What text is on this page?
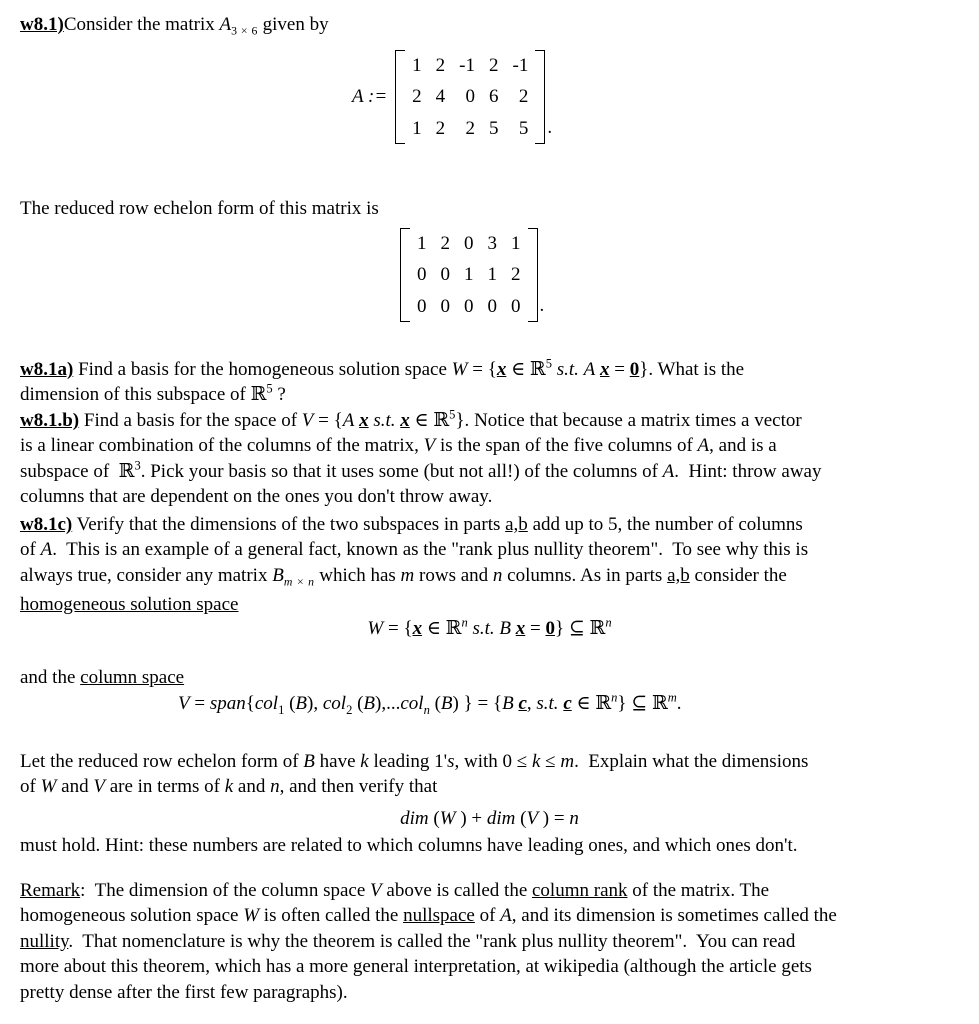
w8.1)Consider the matrix $A_{3 \times 6}$ given by
A :=
1	2	-1	2	-1
2	4	0	6	2
1	2	2	5	5 .
The reduced row echelon form of this matrix is
1	2	0	3	1
0	0	1	1	2
0	0	0	0	0 .
w8.1a) Find a basis for the homogeneous solution space W = {x ∈ ℝ$^5$ s.t. A x = 0}. What is the
dimension of this subspace of ℝ$^5$ ?
w8.1.b) Find a basis for the space of V = {A x s.t. x ∈ ℝ$^5$}. Notice that because a matrix times a vector
is a linear combination of the columns of the matrix, V is the span of the five columns of A, and is a
subspace of  ℝ$^3$. Pick your basis so that it uses some (but not all!) of the columns of A.  Hint: throw away
columns that are dependent on the ones you don't throw away.
w8.1c) Verify that the dimensions of the two subspaces in parts a,b add up to 5, the number of columns
of A.  This is an example of a general fact, known as the "rank plus nullity theorem".  To see why this is
always true, consider any matrix $B_{m \times n}$ which has m rows and n columns. As in parts a,b consider the
homogeneous solution space
W = {x ∈ ℝ$^n$ s.t. B x = 0} ⊆ ℝ$^n$
and the column space
V = span{col$_1$ (B), col$_2$ (B),...col$_n$ (B) } = {B c, s.t. c ∈ ℝ$^n$} ⊆ ℝ$^m$.
Let the reduced row echelon form of B have k leading 1's, with 0 ≤ k ≤ m.  Explain what the dimensions
of W and V are in terms of k and n, and then verify that
dim (W ) + dim (V ) = n
must hold. Hint: these numbers are related to which columns have leading ones, and which ones don't.
Remark:  The dimension of the column space V above is called the column rank of the matrix. The
homogeneous solution space W is often called the nullspace of A, and its dimension is sometimes called the
nullity.  That nomenclature is why the theorem is called the "rank plus nullity theorem".  You can read
more about this theorem, which has a more general interpretation, at wikipedia (although the article gets
pretty dense after the first few paragraphs).
